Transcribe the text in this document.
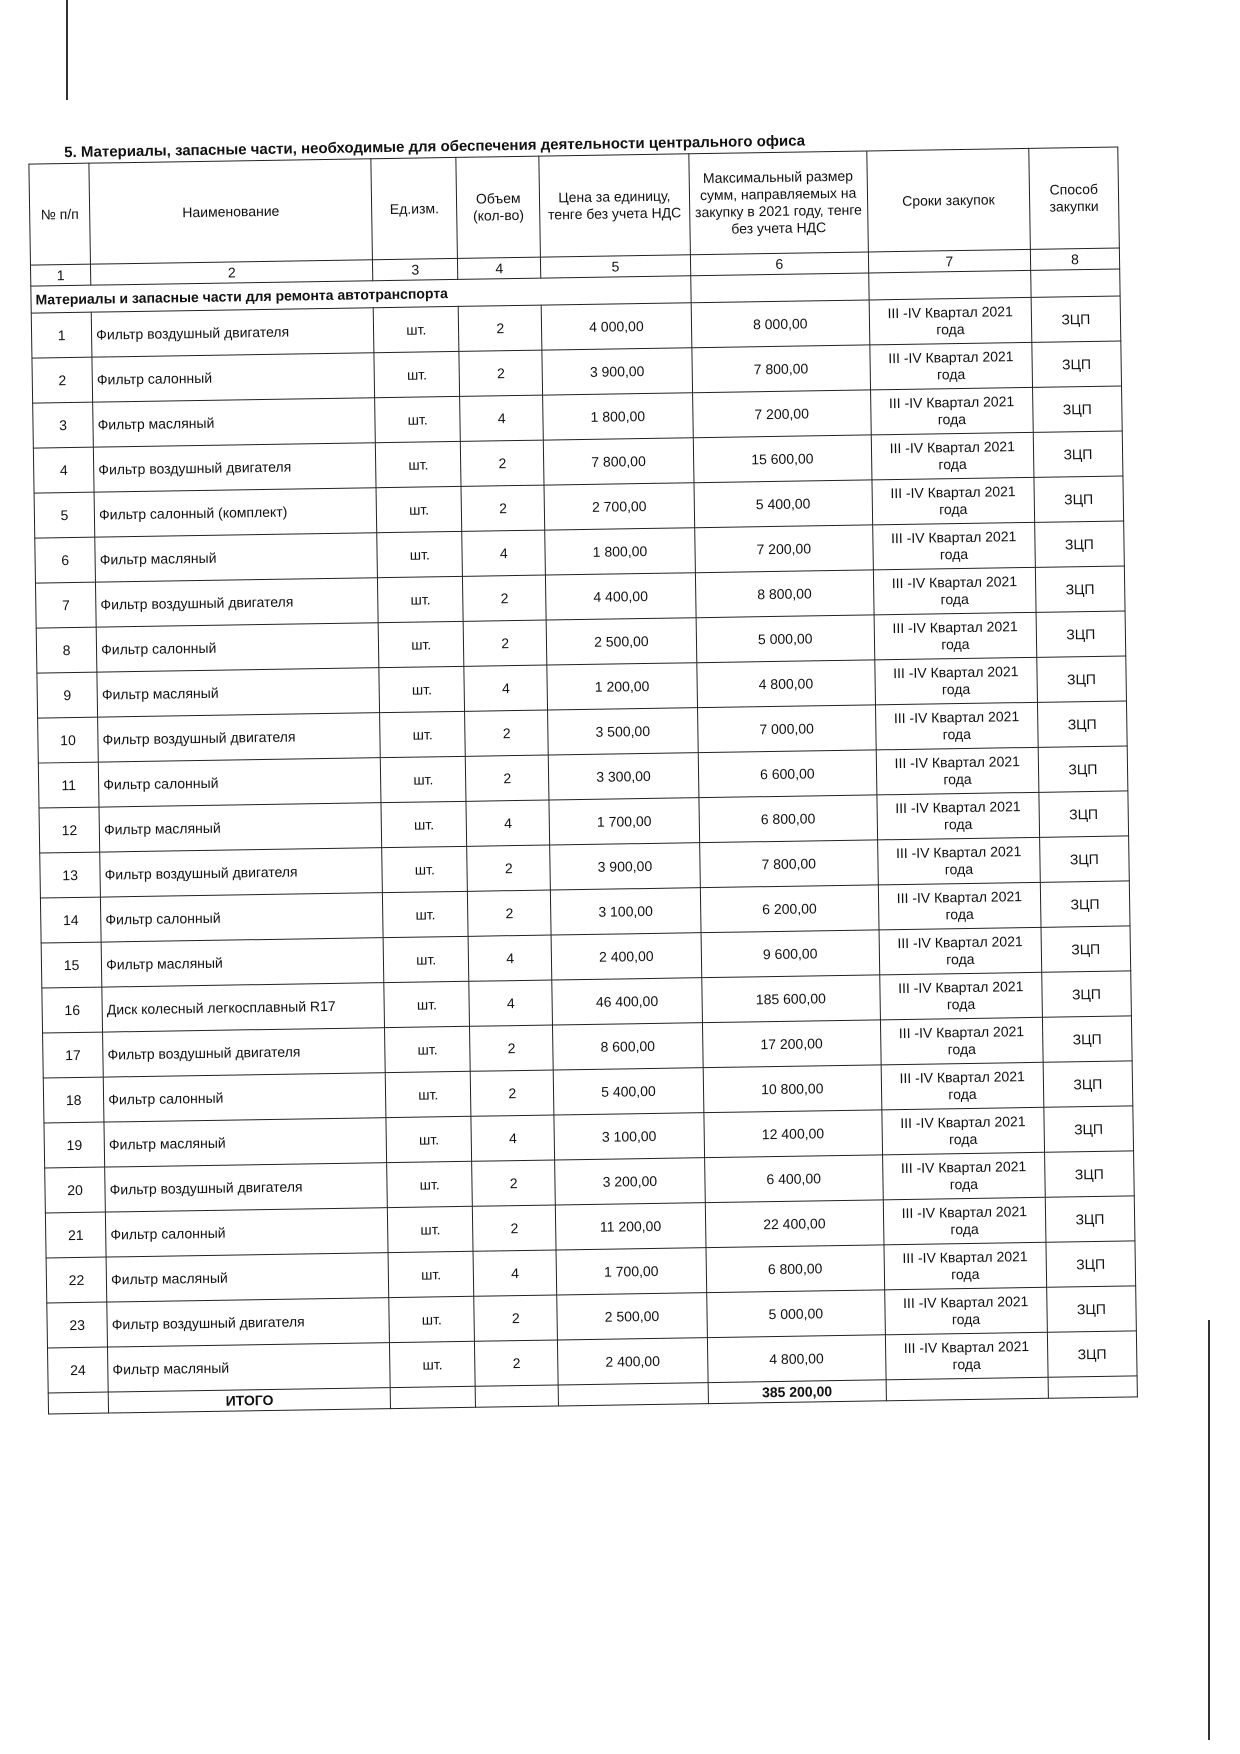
5. Материалы, запасные части, необходимые для обеспечения деятельности центрального офиса
№ п/п	Наименование	Ед.изм.	Объем (кол-во)	Цена за единицу, тенге без учета НДС	Максимальный размер сумм, направляемых на закупку в 2021 году, тенге без учета НДС	Сроки закупок	Способ закупки
1	2	3	4	5	6	7	8
Материалы и запасные части для ремонта автотранспорта							
1	Фильтр воздушный двигателя	шт.	2	4 000,00	8 000,00	III -IV Квартал 2021 года	ЗЦП
2	Фильтр салонный	шт.	2	3 900,00	7 800,00	III -IV Квартал 2021 года	ЗЦП
3	Фильтр масляный	шт.	4	1 800,00	7 200,00	III -IV Квартал 2021 года	ЗЦП
4	Фильтр воздушный двигателя	шт.	2	7 800,00	15 600,00	III -IV Квартал 2021 года	ЗЦП
5	Фильтр салонный (комплект)	шт.	2	2 700,00	5 400,00	III -IV Квартал 2021 года	ЗЦП
6	Фильтр масляный	шт.	4	1 800,00	7 200,00	III -IV Квартал 2021 года	ЗЦП
7	Фильтр воздушный двигателя	шт.	2	4 400,00	8 800,00	III -IV Квартал 2021 года	ЗЦП
8	Фильтр салонный	шт.	2	2 500,00	5 000,00	III -IV Квартал 2021 года	ЗЦП
9	Фильтр масляный	шт.	4	1 200,00	4 800,00	III -IV Квартал 2021 года	ЗЦП
10	Фильтр воздушный двигателя	шт.	2	3 500,00	7 000,00	III -IV Квартал 2021 года	ЗЦП
11	Фильтр салонный	шт.	2	3 300,00	6 600,00	III -IV Квартал 2021 года	ЗЦП
12	Фильтр масляный	шт.	4	1 700,00	6 800,00	III -IV Квартал 2021 года	ЗЦП
13	Фильтр воздушный двигателя	шт.	2	3 900,00	7 800,00	III -IV Квартал 2021 года	ЗЦП
14	Фильтр салонный	шт.	2	3 100,00	6 200,00	III -IV Квартал 2021 года	ЗЦП
15	Фильтр масляный	шт.	4	2 400,00	9 600,00	III -IV Квартал 2021 года	ЗЦП
16	Диск колесный легкосплавный R17	шт.	4	46 400,00	185 600,00	III -IV Квартал 2021 года	ЗЦП
17	Фильтр воздушный двигателя	шт.	2	8 600,00	17 200,00	III -IV Квартал 2021 года	ЗЦП
18	Фильтр салонный	шт.	2	5 400,00	10 800,00	III -IV Квартал 2021 года	ЗЦП
19	Фильтр масляный	шт.	4	3 100,00	12 400,00	III -IV Квартал 2021 года	ЗЦП
20	Фильтр воздушный двигателя	шт.	2	3 200,00	6 400,00	III -IV Квартал 2021 года	ЗЦП
21	Фильтр салонный	шт.	2	11 200,00	22 400,00	III -IV Квартал 2021 года	ЗЦП
22	Фильтр масляный	шт.	4	1 700,00	6 800,00	III -IV Квартал 2021 года	ЗЦП
23	Фильтр воздушный двигателя	шт.	2	2 500,00	5 000,00	III -IV Квартал 2021 года	ЗЦП
24	Фильтр масляный	шт.	2	2 400,00	4 800,00	III -IV Квартал 2021 года	ЗЦП
	ИТОГО				385 200,00		
